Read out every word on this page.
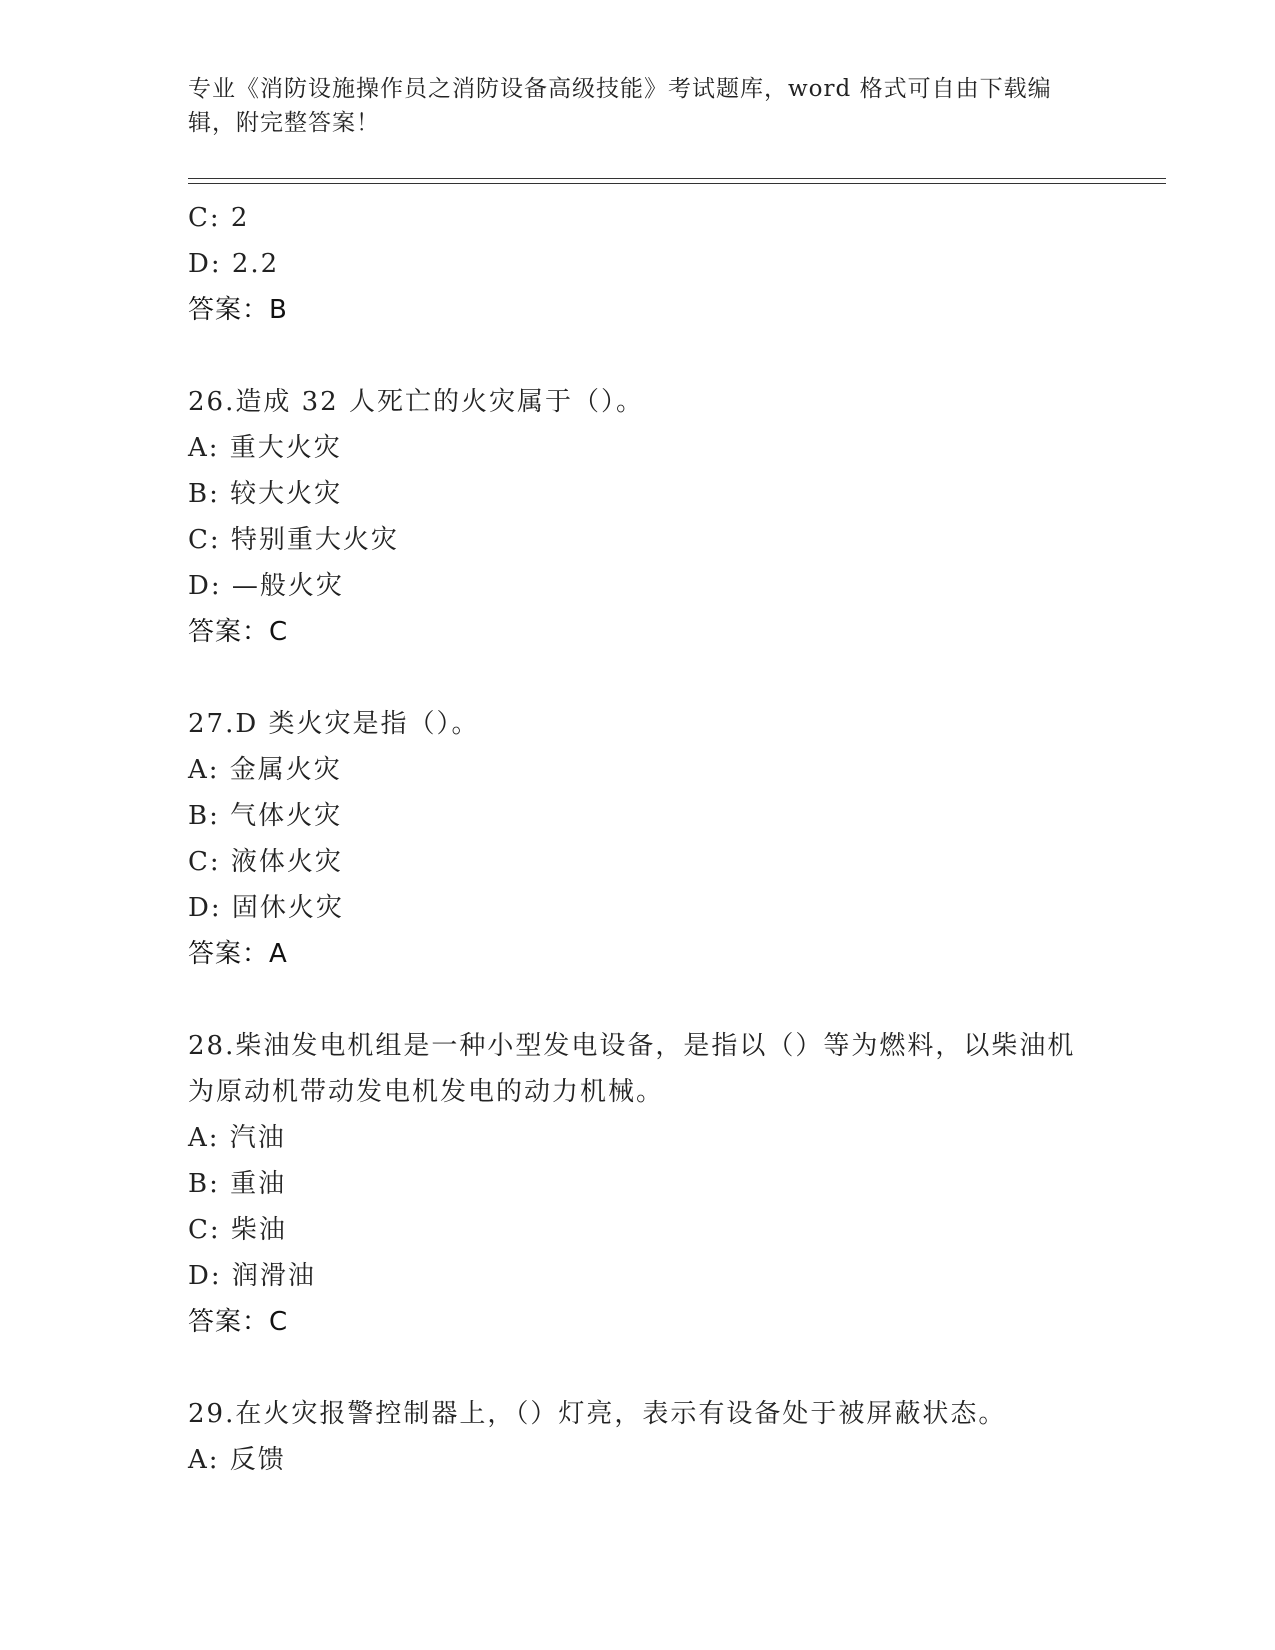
专业《消防设施操作员之消防设备高级技能》考试题库，word 格式可自由下载编辑，附完整答案！
C: 2
D: 2.2
答案：B
26.造成 32 人死亡的火灾属于（）。
A: 重大火灾
B: 较大火灾
C: 特别重大火灾
D: —般火灾
答案：C
27.D 类火灾是指（）。
A: 金属火灾
B: 气体火灾
C: 液体火灾
D: 固休火灾
答案：A
28.柴油发电机组是一种小型发电设备，是指以（）等为燃料，以柴油机为原动机带动发电机发电的动力机械。
A: 汽油
B: 重油
C: 柴油
D: 润滑油
答案：C
29.在火灾报警控制器上，（）灯亮，表示有设备处于被屏蔽状态。
A: 反馈
